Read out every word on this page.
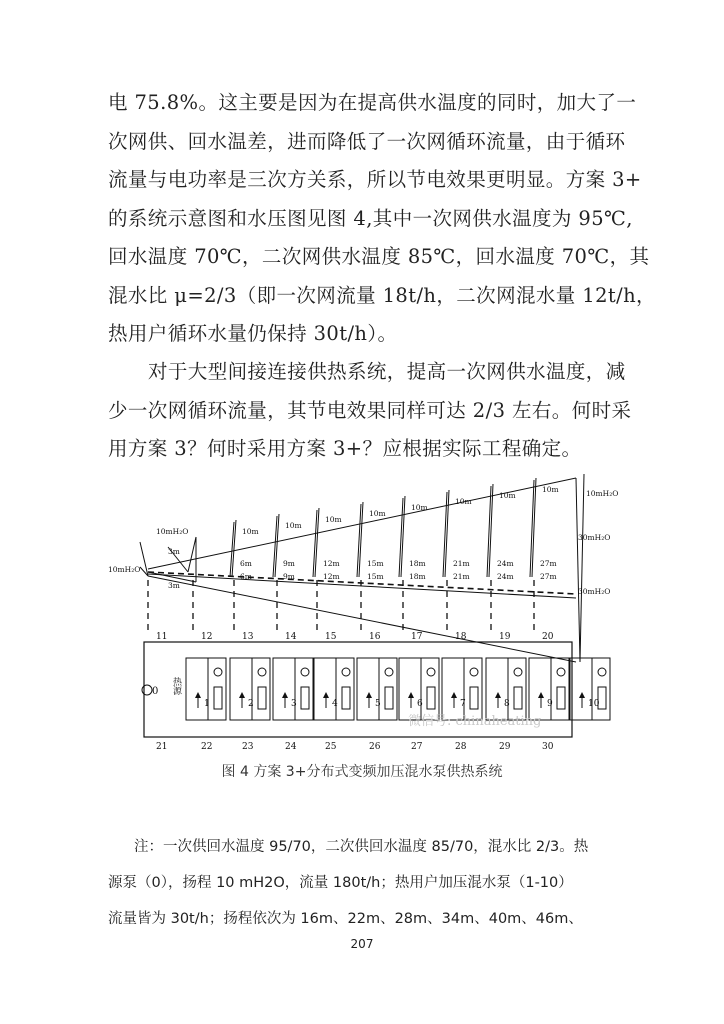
电 75.8%。这主要是因为在提高供水温度的同时，加大了一
次网供、回水温差，进而降低了一次网循环流量，由于循环
流量与电功率是三次方关系，所以节电效果更明显。方案 3+
的系统示意图和水压图见图 4,其中一次网供水温度为 95℃,
回水温度 70℃，二次网供水温度 85℃，回水温度 70℃，其
混水比 μ=2/3（即一次网流量 18t/h，二次网混水量 12t/h，
热用户循环水量仍保持 30t/h）。
对于大型间接连接供热系统，提高一次网供水温度，减
少一次网循环流量，其节电效果同样可达 2/3 左右。何时采
用方案 3？何时采用方案 3+？应根据实际工程确定。
11
21
12
22
13
23
14
24
15
25
16
26
17
27
18
28
19
29
20
30
10m
6m
6m
10m
9m
9m
10m
12m
12m
10m
15m
15m
10m
18m
18m
10m
21m
21m
10m
24m
24m
10m
27m
27m
1	2	3	4	5	6	7	8	9	10
热源
0
10mH₂O
10mH₂O
3m
3m
10mH₂O
30mH₂O
30mH₂O
微信号: chinaheating
图 4 方案 3+分布式变频加压混水泵供热系统
注：一次供回水温度 95/70，二次供回水温度 85/70，混水比 2/3。热
源泵（0），扬程 10 mH2O，流量 180t/h；热用户加压混水泵（1-10）
流量皆为 30t/h；扬程依次为 16m、22m、28m、34m、40m、46m、
207
